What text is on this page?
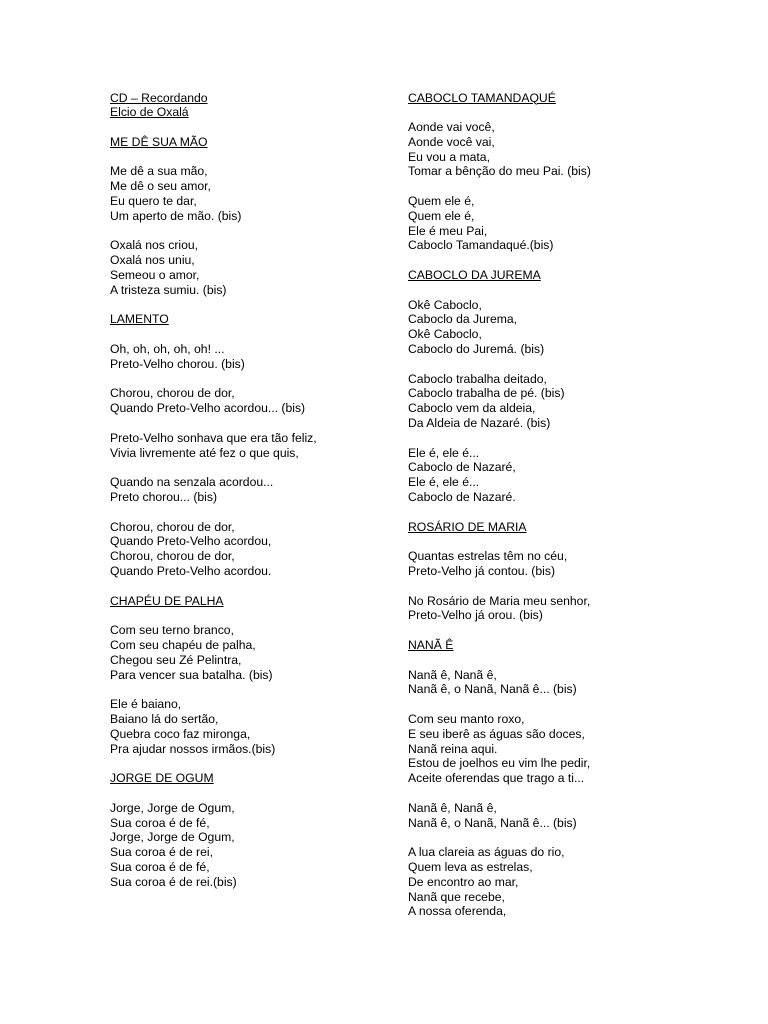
CD – Recordando
Elcio de Oxalá
ME DÊ SUA MÃO
Me dê a sua mão,
Me dê o seu amor,
Eu quero te dar,
Um aperto de mão. (bis)
Oxalá nos criou,
Oxalá nos uniu,
Semeou o amor,
A tristeza sumiu. (bis)
LAMENTO
Oh, oh, oh, oh, oh! ...
Preto-Velho chorou. (bis)
Chorou, chorou de dor,
Quando Preto-Velho acordou... (bis)
Preto-Velho sonhava que era tão feliz,
Vivia livremente até fez o que quis,
Quando na senzala acordou...
Preto chorou... (bis)
Chorou, chorou de dor,
Quando Preto-Velho acordou,
Chorou, chorou de dor,
Quando Preto-Velho acordou.
CHAPÉU DE PALHA
Com seu terno branco,
Com seu chapéu de palha,
Chegou seu Zé Pelintra,
Para vencer sua batalha. (bis)
Ele é baiano,
Baiano lá do sertão,
Quebra coco faz mironga,
Pra ajudar nossos irmãos.(bis)
JORGE DE OGUM
Jorge, Jorge de Ogum,
Sua coroa é de fé,
Jorge, Jorge de Ogum,
Sua coroa é de rei,
Sua coroa é de fé,
Sua coroa é de rei.(bis)
CABOCLO TAMANDAQUÉ
Aonde vai você,
Aonde você vai,
Eu vou a mata,
Tomar a bênção do meu Pai. (bis)
Quem ele é,
Quem ele é,
Ele é meu Pai,
Caboclo Tamandaqué.(bis)
CABOCLO DA JUREMA
Okê Caboclo,
Caboclo da Jurema,
Okê Caboclo,
Caboclo do Juremá. (bis)
Caboclo trabalha deitado,
Caboclo trabalha de pé. (bis)
Caboclo vem da aldeia,
Da Aldeia de Nazaré. (bis)
Ele é, ele é...
Caboclo de Nazaré,
Ele é, ele é...
Caboclo de Nazaré.
ROSÁRIO DE MARIA
Quantas estrelas têm no céu,
Preto-Velho já contou. (bis)
No Rosário de Maria meu senhor,
Preto-Velho já orou. (bis)
NANÃ Ê
Nanã ê, Nanã ê,
Nanã ê, o Nanã, Nanã ê... (bis)
Com seu manto roxo,
E seu iberê as águas são doces,
Nanã reina aqui.
Estou de joelhos eu vim lhe pedir,
Aceite oferendas que trago a ti...
Nanã ê, Nanã ê,
Nanã ê, o Nanã, Nanã ê... (bis)
A lua clareia as águas do rio,
Quem leva as estrelas,
De encontro ao mar,
Nanã que recebe,
A nossa oferenda,
